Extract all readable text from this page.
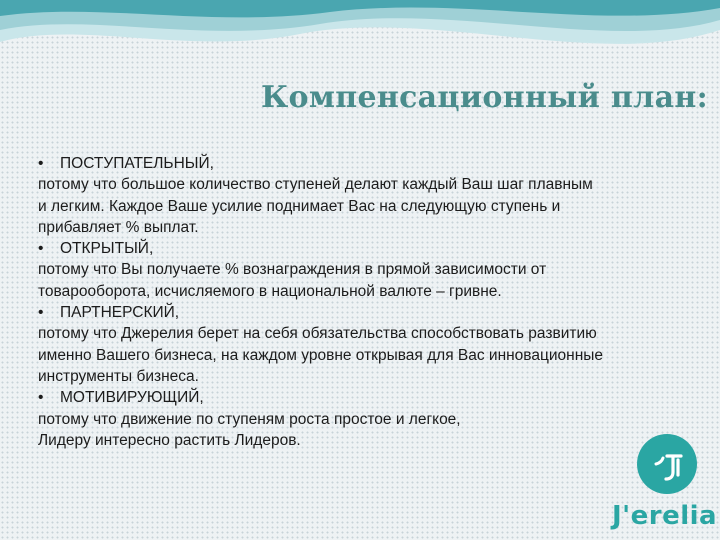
Компенсационный план:

• ПОСТУПАТЕЛЬНЫЙ,

потому что большое количество ступеней делают каждый Ваш шаг плавным

и легким. Каждое Ваше усилие поднимает Вас на следующую ступень и

прибавляет % выплат.

• ОТКРЫТЫЙ,

потому что Вы получаете % вознаграждения в прямой зависимости от

товарооборота, исчисляемого в национальной валюте – гривне.

• ПАРТНЕРСКИЙ,

потому что Джерелия берет на себя обязательства способствовать развитию

именно Вашего бизнеса, на каждом уровне открывая для Вас инновационные

инструменты бизнеса.

• МОТИВИРУЮЩИЙ,

потому что движение по ступеням роста простое и легкое,

Лидеру интересно растить Лидеров.

J'erelia
